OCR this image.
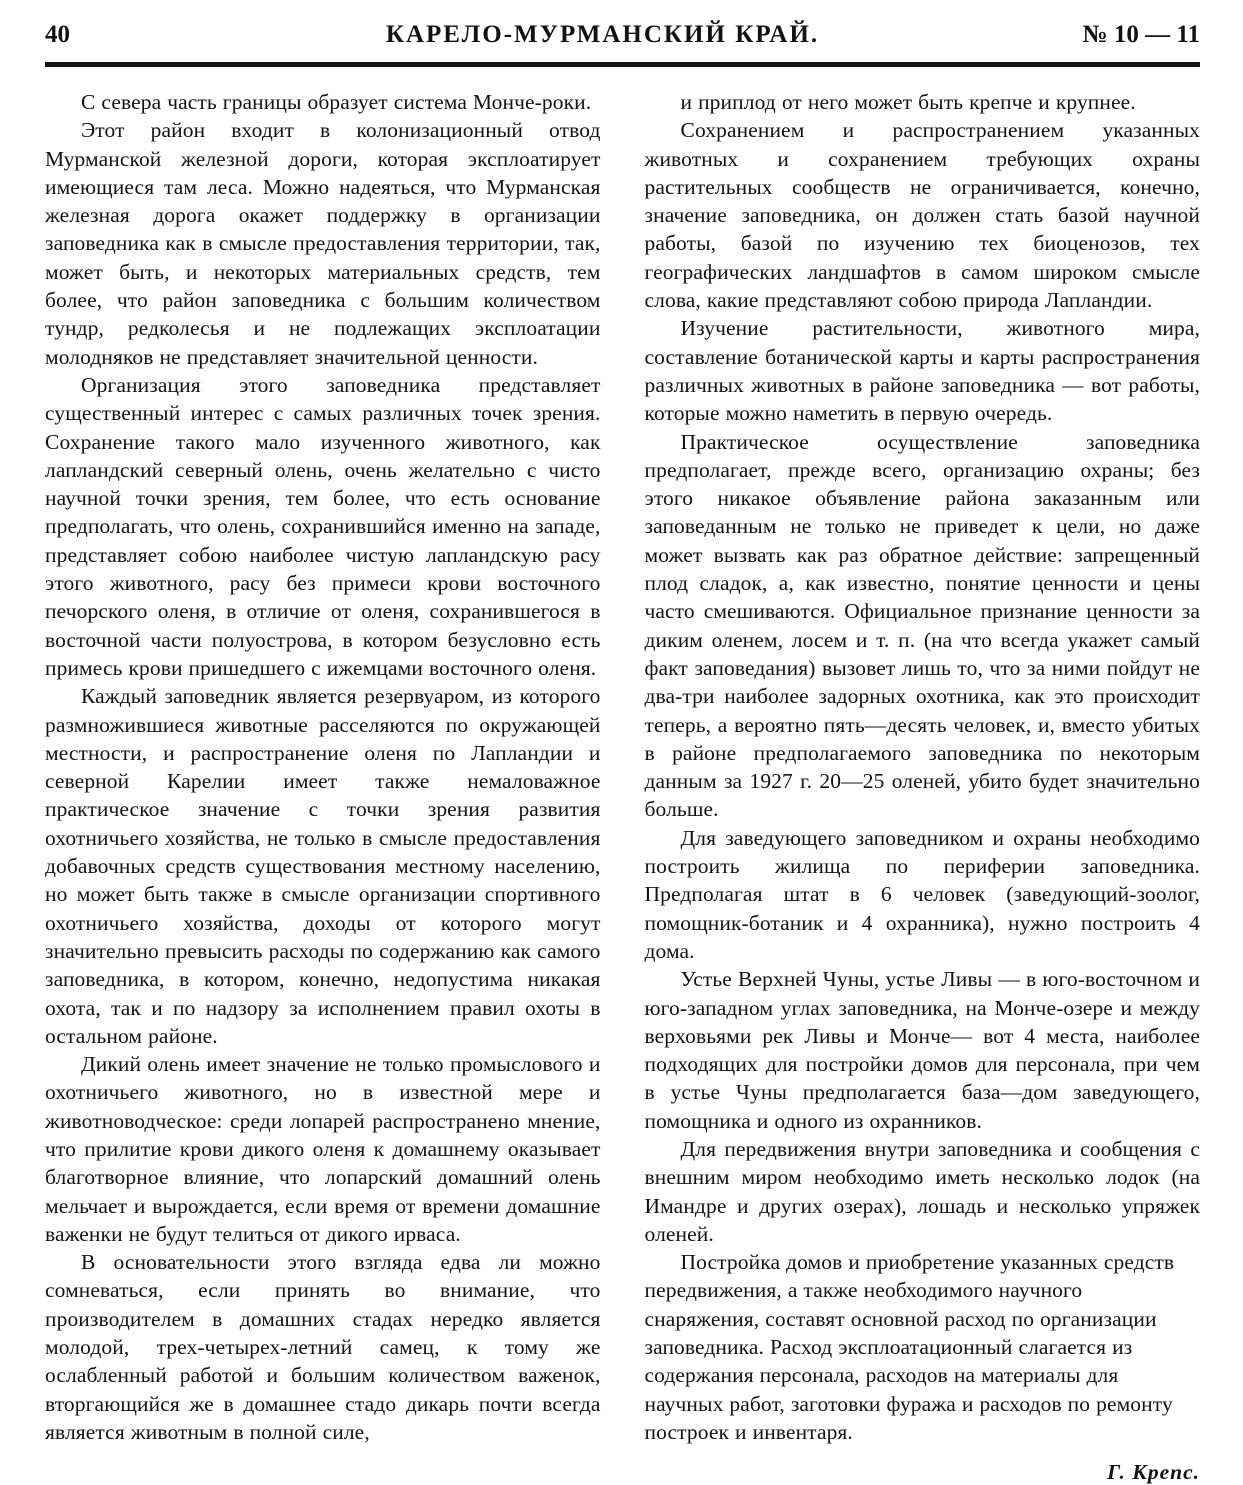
40	КАРЕЛО-МУРМАНСКИЙ КРАЙ.	№ 10 — 11

С севера часть границы образует система Монче-роки.

Этот район входит в колонизационный отвод Мурманской железной дороги, которая эксплоатирует имеющиеся там леса. Можно надеяться, что Мурманская железная дорога окажет поддержку в организации заповедника как в смысле предоставления территории, так, может быть, и некоторых материальных средств, тем более, что район заповедника с большим количеством тундр, редколесья и не подлежащих эксплоатации молодняков не представляет значительной ценности.

Организация этого заповедника представляет существенный интерес с самых различных точек зрения. Сохранение такого мало изученного животного, как лапландский северный олень, очень желательно с чисто научной точки зрения, тем более, что есть основание предполагать, что олень, сохранившийся именно на западе, представляет собою наиболее чистую лапландскую расу этого животного, расу без примеси крови восточного печорского оленя, в отличие от оленя, сохранившегося в восточной части полуострова, в котором безусловно есть примесь крови пришедшего с ижемцами восточного оленя.

Каждый заповедник является резервуаром, из которого размножившиеся животные расселяются по окружающей местности, и распространение оленя по Лапландии и северной Карелии имеет также немаловажное практическое значение с точки зрения развития охотничьего хозяйства, не только в смысле предоставления добавочных средств существования местному населению, но может быть также в смысле организации спортивного охотничьего хозяйства, доходы от которого могут значительно превысить расходы по содержанию как самого заповедника, в котором, конечно, недопустима никакая охота, так и по надзору за исполнением правил охоты в остальном районе.

Дикий олень имеет значение не только промыслового и охотничьего животного, но в известной мере и животноводческое: среди лопарей распространено мнение, что прилитие крови дикого оленя к домашнему оказывает благотворное влияние, что лопарский домашний олень мельчает и вырождается, если время от времени домашние важенки не будут телиться от дикого ирваса.

В основательности этого взгляда едва ли можно сомневаться, если принять во внимание, что производителем в домашних стадах нередко является молодой, трех-четырех-летний самец, к тому же ослабленный работой и большим количеством важенок, вторгающийся же в домашнее стадо дикарь почти всегда является животным в полной силе,

и приплод от него может быть крепче и крупнее.

Сохранением и распространением указанных животных и сохранением требующих охраны растительных сообществ не ограничивается, конечно, значение заповедника, он должен стать базой научной работы, базой по изучению тех биоценозов, тех географических ландшафтов в самом широком смысле слова, какие представляют собою природа Лапландии.

Изучение растительности, животного мира, составление ботанической карты и карты распространения различных животных в районе заповедника — вот работы, которые можно наметить в первую очередь.

Практическое осуществление заповедника предполагает, прежде всего, организацию охраны; без этого никакое объявление района заказанным или заповеданным не только не приведет к цели, но даже может вызвать как раз обратное действие: запрещенный плод сладок, а, как известно, понятие ценности и цены часто смешиваются. Официальное признание ценности за диким оленем, лосем и т. п. (на что всегда укажет самый факт заповедания) вызовет лишь то, что за ними пойдут не два-три наиболее задорных охотника, как это происходит теперь, а вероятно пять—десять человек, и, вместо убитых в районе предполагаемого заповедника по некоторым данным за 1927 г. 20—25 оленей, убито будет значительно больше.

Для заведующего заповедником и охраны необходимо построить жилища по периферии заповедника. Предполагая штат в 6 человек (заведующий-зоолог, помощник-ботаник и 4 охранника), нужно построить 4 дома.

Устье Верхней Чуны, устье Ливы — в юго-восточном и юго-западном углах заповедника, на Монче-озере и между верховьями рек Ливы и Монче— вот 4 места, наиболее подходящих для постройки домов для персонала, при чем в устье Чуны предполагается база—дом заведующего, помощника и одного из охранников.

Для передвижения внутри заповедника и сообщения с внешним миром необходимо иметь несколько лодок (на Имандре и других озерах), лошадь и несколько упряжек оленей.

Постройка домов и приобретение указанных средств передвижения, а также необходимого научного снаряжения, составят основной расход по организации заповедника. Расход эксплоатационный слагается из содержания персонала, расходов на материалы для научных работ, заготовки фуража и расходов по ремонту построек и инвентаря.

Г. Крепс.
